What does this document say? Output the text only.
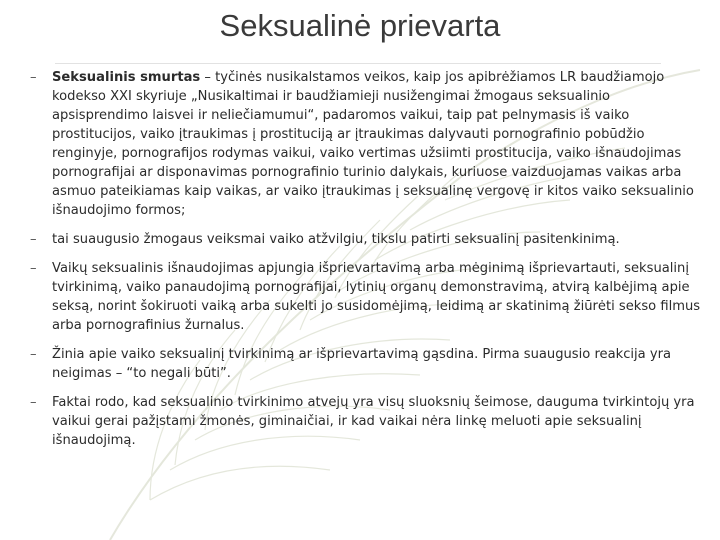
Seksualinė prievarta
–	Seksualinis smurtas – tyčinės nusikalstamos veikos, kaip jos apibrėžiamos LR baudžiamojo kodekso XXI skyriuje „Nusikaltimai ir baudžiamieji nusižengimai žmogaus seksualinio apsisprendimo laisvei ir neliečiamumui“, padaromos vaikui, taip pat pelnymasis iš vaiko prostitucijos, vaiko įtraukimas į prostituciją ar įtraukimas dalyvauti pornografinio pobūdžio renginyje, pornografijos rodymas vaikui, vaiko vertimas užsiimti prostitucija, vaiko išnaudojimas pornografijai ar disponavimas pornografinio turinio dalykais, kuriuose vaizduojamas vaikas arba asmuo pateikiamas kaip vaikas, ar vaiko įtraukimas į seksualinę vergovę ir kitos vaiko seksualinio išnaudojimo formos;
–	tai suaugusio žmogaus veiksmai vaiko atžvilgiu, tikslu patirti seksualinį pasitenkinimą.
–	Vaikų seksualinis išnaudojimas apjungia išprievartavimą arba mėginimą išprievartauti, seksualinį tvirkinimą, vaiko panaudojimą pornografijai, lytinių organų demonstravimą, atvirą kalbėjimą apie seksą, norint šokiruoti vaiką arba sukelti jo susidomėjimą, leidimą ar skatinimą žiūrėti sekso filmus arba pornografinius žurnalus.
–	Žinia apie vaiko seksualinį tvirkinimą ar išprievartavimą gąsdina. Pirma suaugusio reakcija yra neigimas – “to negali būti”.
–	Faktai rodo, kad seksualinio tvirkinimo atvejų yra visų sluoksnių šeimose, dauguma tvirkintojų yra vaikui gerai pažįstami žmonės, giminaičiai, ir kad vaikai nėra linkę meluoti apie seksualinį išnaudojimą.
